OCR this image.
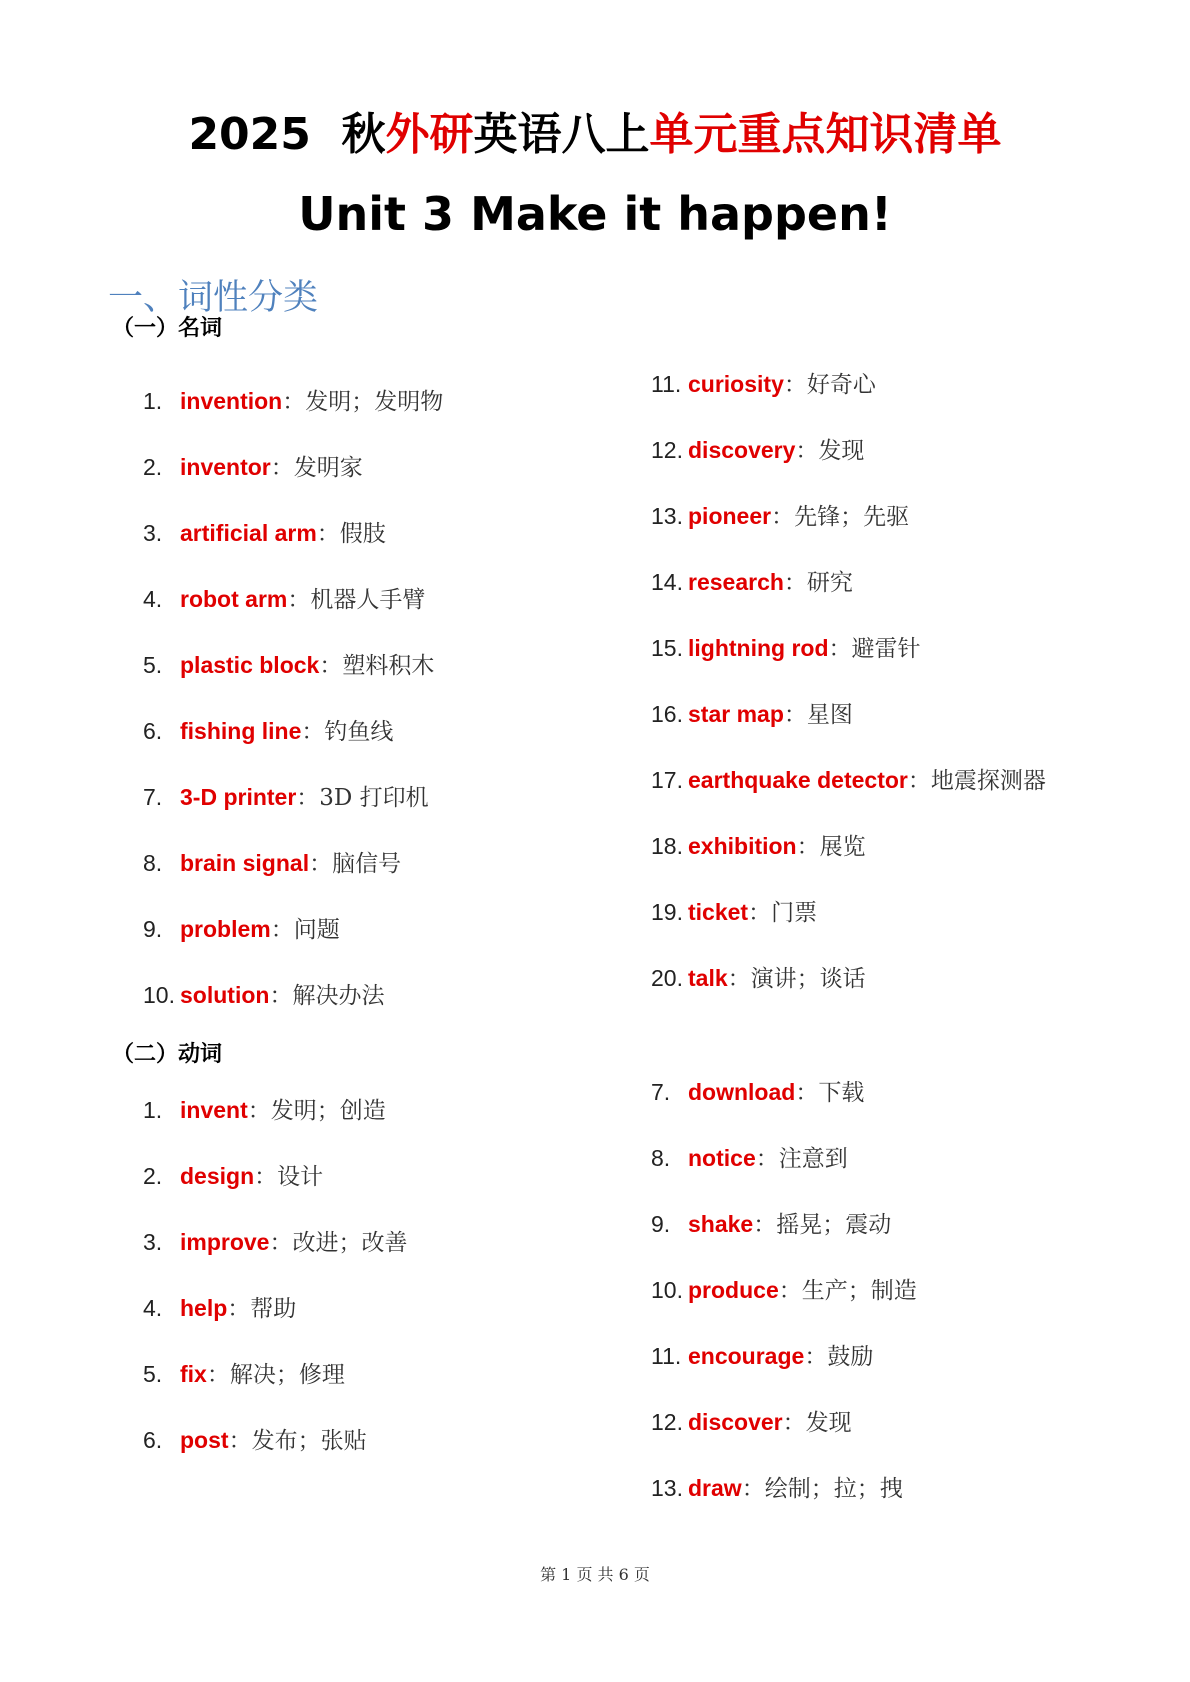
2025 秋外研英语八上单元重点知识清单
Unit 3 Make it happen!
一、词性分类
（一）名词
（二）动词
1. invention：发明；发明物
2. inventor：发明家
3. artificial arm：假肢
4. robot arm：机器人手臂
5. plastic block：塑料积木
6. fishing line：钓鱼线
7. 3-D printer：3D 打印机
8. brain signal：脑信号
9. problem：问题
10. solution：解决办法
11. curiosity：好奇心
12. discovery：发现
13. pioneer：先锋；先驱
14. research：研究
15. lightning rod：避雷针
16. star map：星图
17. earthquake detector：地震探测器
18. exhibition：展览
19. ticket：门票
20. talk：演讲；谈话
1. invent：发明；创造
2. design：设计
3. improve：改进；改善
4. help：帮助
5. fix：解决；修理
6. post：发布；张贴
7. download：下载
8. notice：注意到
9. shake：摇晃；震动
10. produce：生产；制造
11. encourage：鼓励
12. discover：发现
13. draw：绘制；拉；拽
第 1 页 共 6 页
